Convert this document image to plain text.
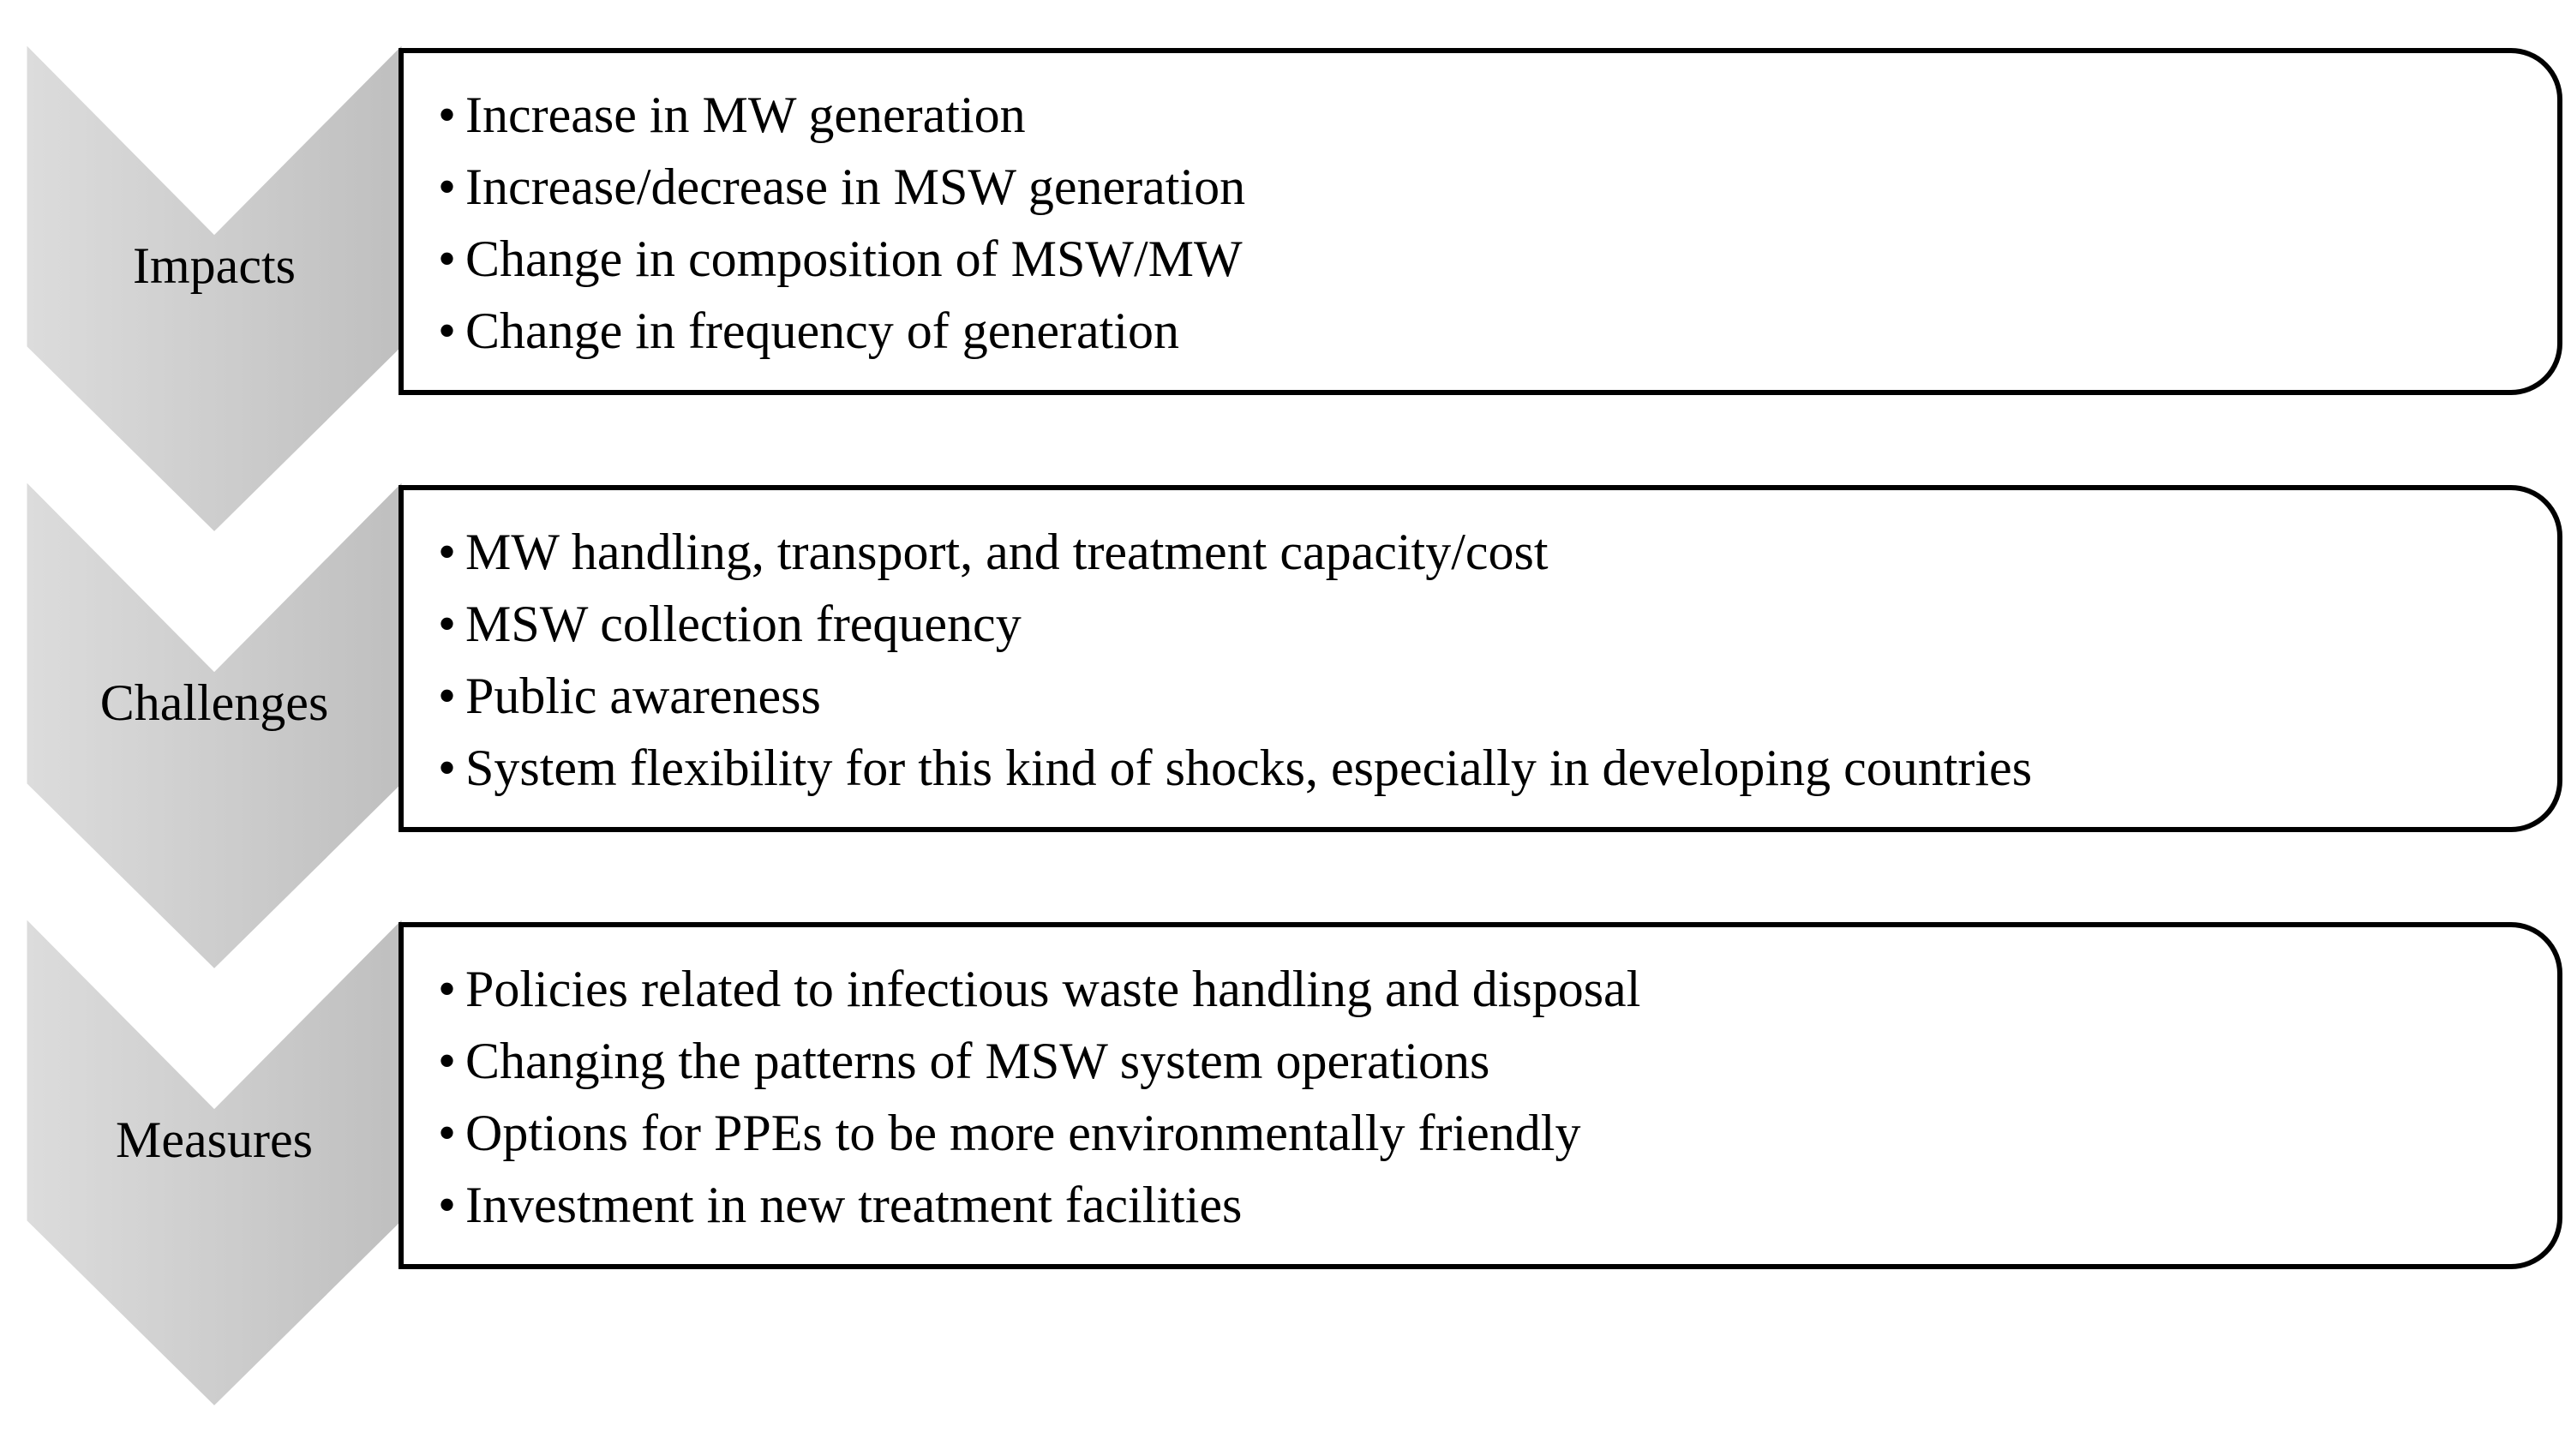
Impacts
• Increase in MW generation
• Increase/decrease in MSW generation
• Change in composition of MSW/MW
• Change in frequency of generation
Challenges
• MW handling, transport, and treatment capacity/cost
• MSW collection frequency
• Public awareness
• System flexibility for this kind of shocks, especially in developing countries
Measures
• Policies related to infectious waste handling and disposal
• Changing the patterns of MSW system operations
• Options for PPEs to be more environmentally friendly
• Investment in new treatment facilities
